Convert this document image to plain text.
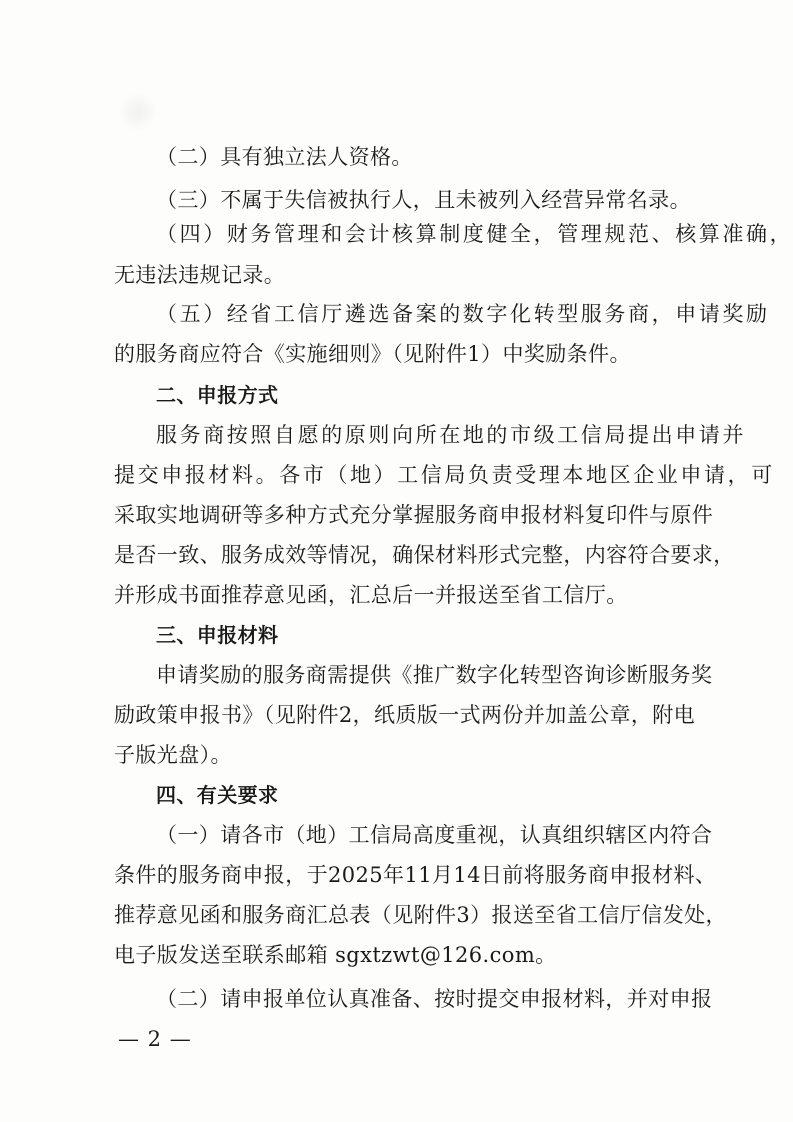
（二）具有独立法人资格。
（三）不属于失信被执行人，且未被列入经营异常名录。
（四）财务管理和会计核算制度健全，管理规范、核算准确，
无违法违规记录。
（五）经省工信厅遴选备案的数字化转型服务商，申请奖励
的服务商应符合《实施细则》（见附件1）中奖励条件。
二、申报方式
服务商按照自愿的原则向所在地的市级工信局提出申请并
提交申报材料。各市（地）工信局负责受理本地区企业申请，可
采取实地调研等多种方式充分掌握服务商申报材料复印件与原件
是否一致、服务成效等情况，确保材料形式完整，内容符合要求，
并形成书面推荐意见函，汇总后一并报送至省工信厅。
三、申报材料
申请奖励的服务商需提供《推广数字化转型咨询诊断服务奖
励政策申报书》（见附件2，纸质版一式两份并加盖公章，附电
子版光盘）。
四、有关要求
（一）请各市（地）工信局高度重视，认真组织辖区内符合
条件的服务商申报，于2025年11月14日前将服务商申报材料、
推荐意见函和服务商汇总表（见附件3）报送至省工信厅信发处，
电子版发送至联系邮箱 sgxtzwt@126.com。
（二）请申报单位认真准备、按时提交申报材料，并对申报
— 2 —
